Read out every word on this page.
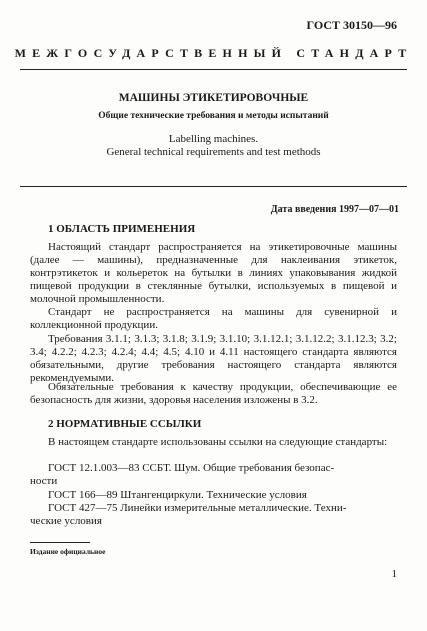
ГОСТ 30150—96
МЕЖГОСУДАРСТВЕННЫЙ СТАНДАРТ
МАШИНЫ ЭТИКЕТИРОВОЧНЫЕ
Общие технические требования и методы испытаний
Labelling machines.
General technical requirements and test methods
Дата введения 1997—07—01
1 ОБЛАСТЬ ПРИМЕНЕНИЯ

Настоящий стандарт распространяется на этикетировочные машины (далее — машины), предназначенные для наклеивания этикеток, контрэтикеток и кольереток на бутылки в линиях упаковывания жидкой пищевой продукции в стеклянные бутылки, используемых в пищевой и молочной промышленности.

Стандарт не распространяется на машины для сувенирной и коллекционной продукции.

Требования 3.1.1; 3.1.3; 3.1.8; 3.1.9; 3.1.10; 3.1.12.1; 3.1.12.2; 3.1.12.3; 3.2; 3.4; 4.2.2; 4.2.3; 4.2.4; 4.4; 4.5; 4.10 и 4.11 настоящего стандарта являются обязательными, другие требования настоящего стандарта являются рекомендуемыми.

Обязательные требования к качеству продукции, обеспечивающие ее безопасность для жизни, здоровья населения изложены в 3.2.

2 НОРМАТИВНЫЕ ССЫЛКИ

В настоящем стандарте использованы ссылки на следующие стандарты:

ГОСТ 12.1.003—83 ССБТ. Шум. Общие требования безопас-
ности
ГОСТ 166—89 Штангенциркули. Технические условия
ГОСТ 427—75 Линейки измерительные металлические. Техни-
ческие условия
Издание официальное
1
